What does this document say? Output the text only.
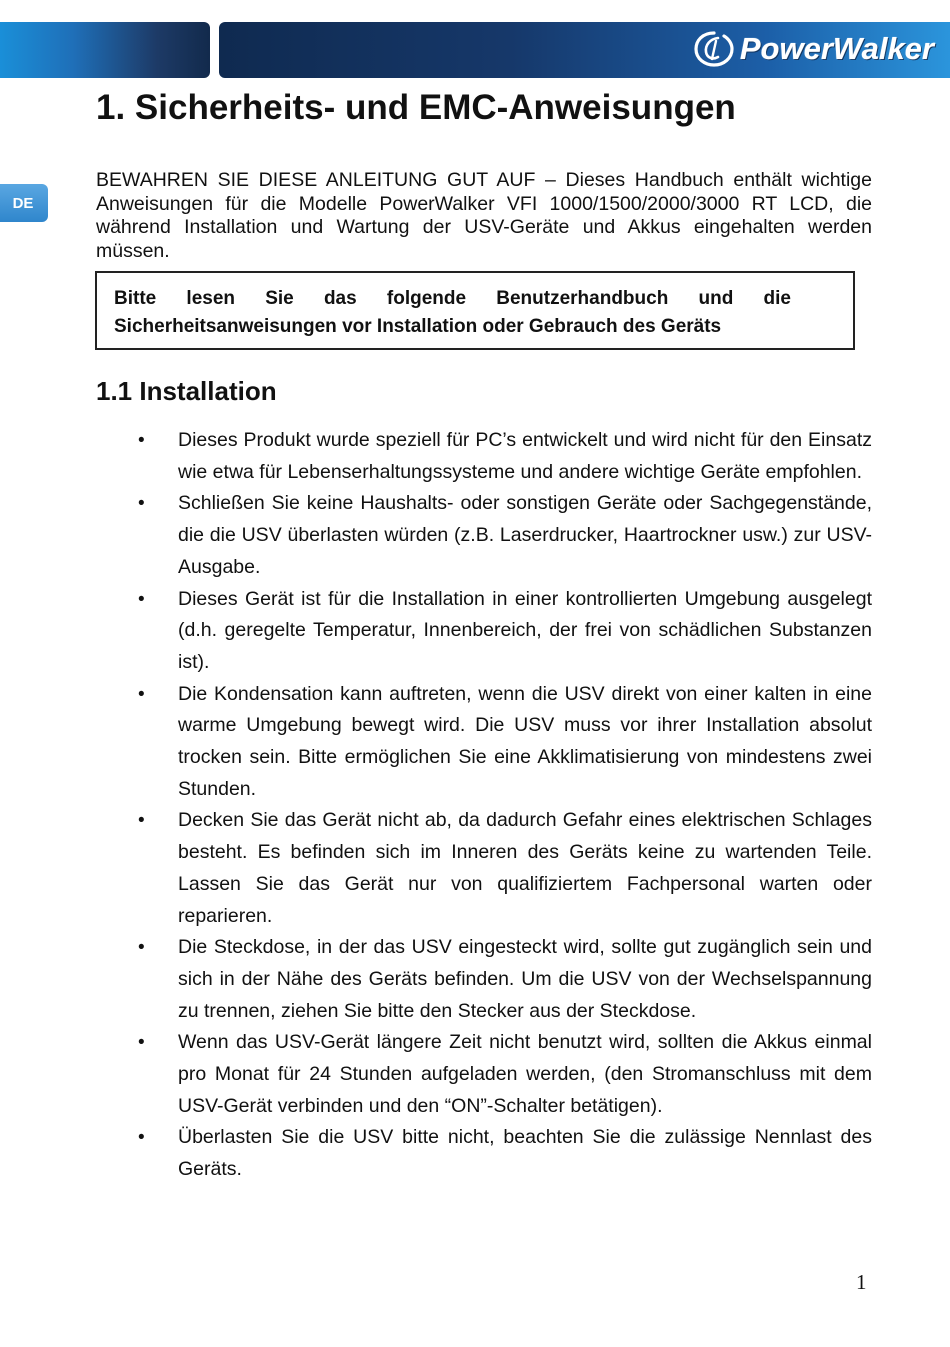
PowerWalker
DE
1. Sicherheits- und EMC-Anweisungen

BEWAHREN SIE DIESE ANLEITUNG GUT AUF – Dieses Handbuch enthält wichtige Anweisungen für die Modelle PowerWalker VFI 1000/1500/2000/3000 RT LCD, die während Installation und Wartung der USV-Geräte und Akkus eingehalten werden müssen.

Bitte lesen Sie das folgende Benutzerhandbuch und die Sicherheitsanweisungen vor Installation oder Gebrauch des Geräts

1.1 Installation
• Dieses Produkt wurde speziell für PC’s entwickelt und wird nicht für den Einsatz wie etwa für Lebenserhaltungssysteme und andere wichtige Geräte empfohlen.
• Schließen Sie keine Haushalts- oder sonstigen Geräte oder Sachgegenstände, die die USV überlasten würden (z.B. Laserdrucker, Haartrockner usw.) zur USV-Ausgabe.
• Dieses Gerät ist für die Installation in einer kontrollierten Umgebung ausgelegt (d.h. geregelte Temperatur, Innenbereich, der frei von schädlichen Substanzen ist).
• Die Kondensation kann auftreten, wenn die USV direkt von einer kalten in eine warme Umgebung bewegt wird. Die USV muss vor ihrer Installation absolut trocken sein. Bitte ermöglichen Sie eine Akklimatisierung von mindestens zwei Stunden.
• Decken Sie das Gerät nicht ab, da dadurch Gefahr eines elektrischen Schlages besteht. Es befinden sich im Inneren des Geräts keine zu wartenden Teile. Lassen Sie das Gerät nur von qualifiziertem Fachpersonal warten oder reparieren.
• Die Steckdose, in der das USV eingesteckt wird, sollte gut zugänglich sein und sich in der Nähe des Geräts befinden. Um die USV von der Wechselspannung zu trennen, ziehen Sie bitte den Stecker aus der Steckdose.
• Wenn das USV-Gerät längere Zeit nicht benutzt wird, sollten die Akkus einmal pro Monat für 24 Stunden aufgeladen werden, (den Stromanschluss mit dem USV-Gerät verbinden und den “ON”-Schalter betätigen).
• Überlasten Sie die USV bitte nicht, beachten Sie die zulässige Nennlast des Geräts.
1
